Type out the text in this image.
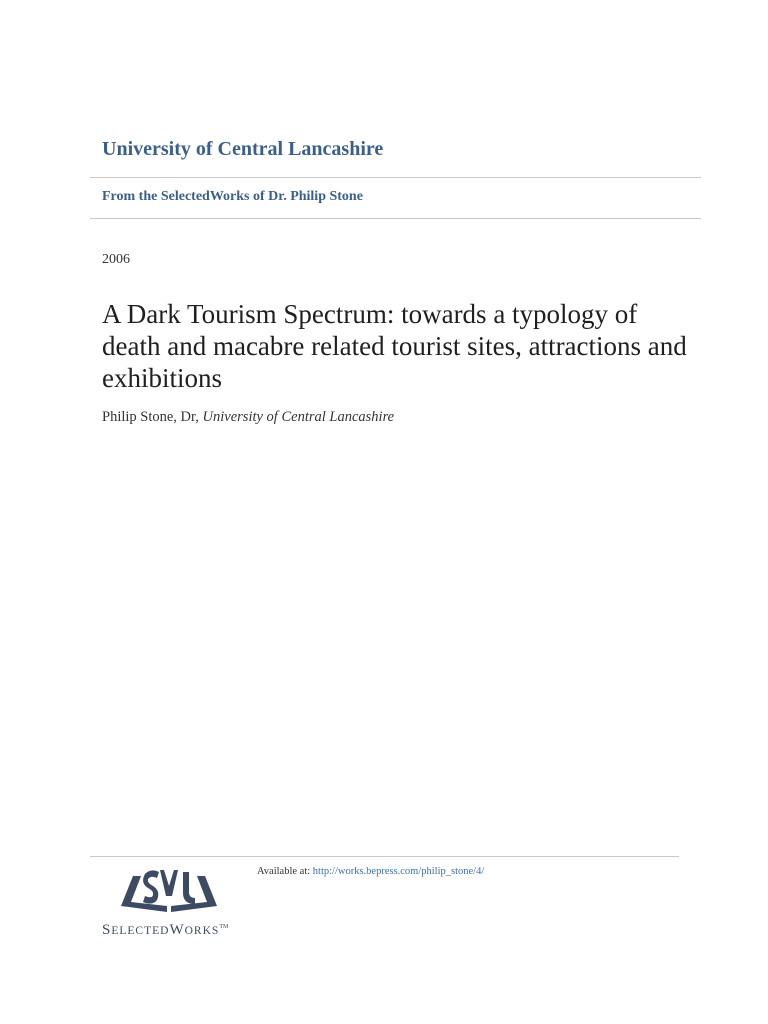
University of Central Lancashire
From the SelectedWorks of Dr. Philip Stone
2006
A Dark Tourism Spectrum: towards a typology of death and macabre related tourist sites, attractions and exhibitions
Philip Stone, Dr, University of Central Lancashire
SELECTEDWORKS™
Available at: http://works.bepress.com/philip_stone/4/
